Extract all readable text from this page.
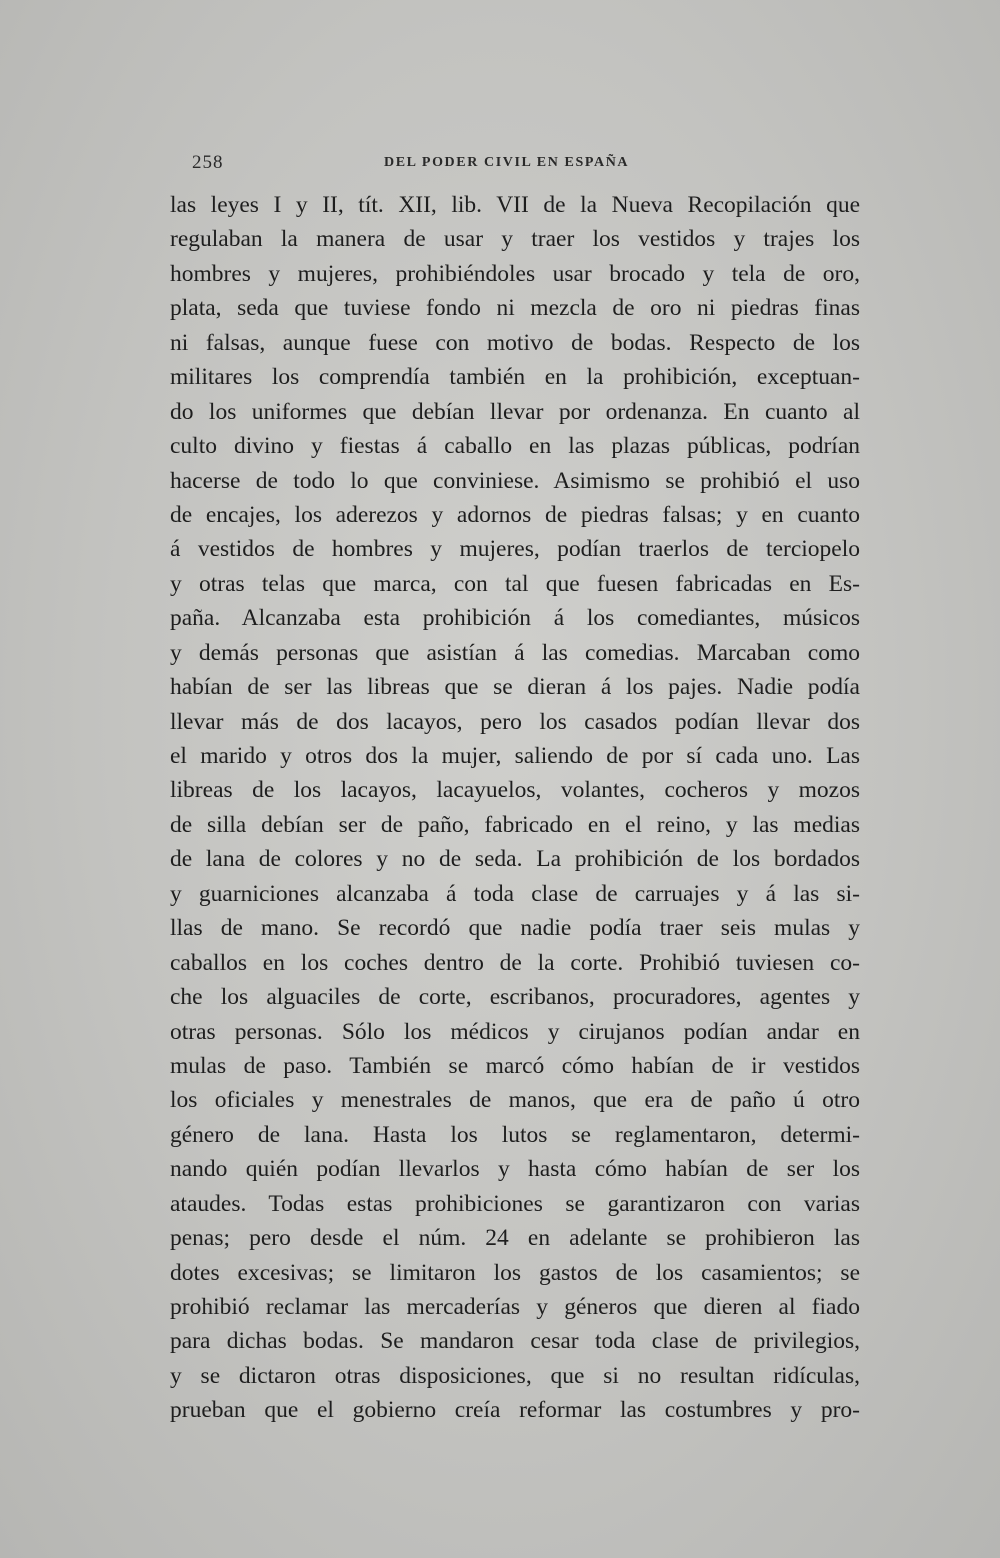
258	DEL PODER CIVIL EN ESPAÑA
las leyes I y II, tít. XII, lib. VII de la Nueva Recopilación que
regulaban la manera de usar y traer los vestidos y trajes los
hombres y mujeres, prohibiéndoles usar brocado y tela de oro,
plata, seda que tuviese fondo ni mezcla de oro ni piedras finas
ni falsas, aunque fuese con motivo de bodas. Respecto de los
militares los comprendía también en la prohibición, exceptuan-
do los uniformes que debían llevar por ordenanza. En cuanto al
culto divino y fiestas á caballo en las plazas públicas, podrían
hacerse de todo lo que conviniese. Asimismo se prohibió el uso
de encajes, los aderezos y adornos de piedras falsas; y en cuanto
á vestidos de hombres y mujeres, podían traerlos de terciopelo
y otras telas que marca, con tal que fuesen fabricadas en Es-
paña. Alcanzaba esta prohibición á los comediantes, músicos
y demás personas que asistían á las comedias. Marcaban como
habían de ser las libreas que se dieran á los pajes. Nadie podía
llevar más de dos lacayos, pero los casados podían llevar dos
el marido y otros dos la mujer, saliendo de por sí cada uno. Las
libreas de los lacayos, lacayuelos, volantes, cocheros y mozos
de silla debían ser de paño, fabricado en el reino, y las medias
de lana de colores y no de seda. La prohibición de los bordados
y guarniciones alcanzaba á toda clase de carruajes y á las si-
llas de mano. Se recordó que nadie podía traer seis mulas y
caballos en los coches dentro de la corte. Prohibió tuviesen co-
che los alguaciles de corte, escribanos, procuradores, agentes y
otras personas. Sólo los médicos y cirujanos podían andar en
mulas de paso. También se marcó cómo habían de ir vestidos
los oficiales y menestrales de manos, que era de paño ú otro
género de lana. Hasta los lutos se reglamentaron, determi-
nando quién podían llevarlos y hasta cómo habían de ser los
ataudes. Todas estas prohibiciones se garantizaron con varias
penas; pero desde el núm. 24 en adelante se prohibieron las
dotes excesivas; se limitaron los gastos de los casamientos; se
prohibió reclamar las mercaderías y géneros que dieren al fiado
para dichas bodas. Se mandaron cesar toda clase de privilegios,
y se dictaron otras disposiciones, que si no resultan ridículas,
prueban que el gobierno creía reformar las costumbres y pro-
